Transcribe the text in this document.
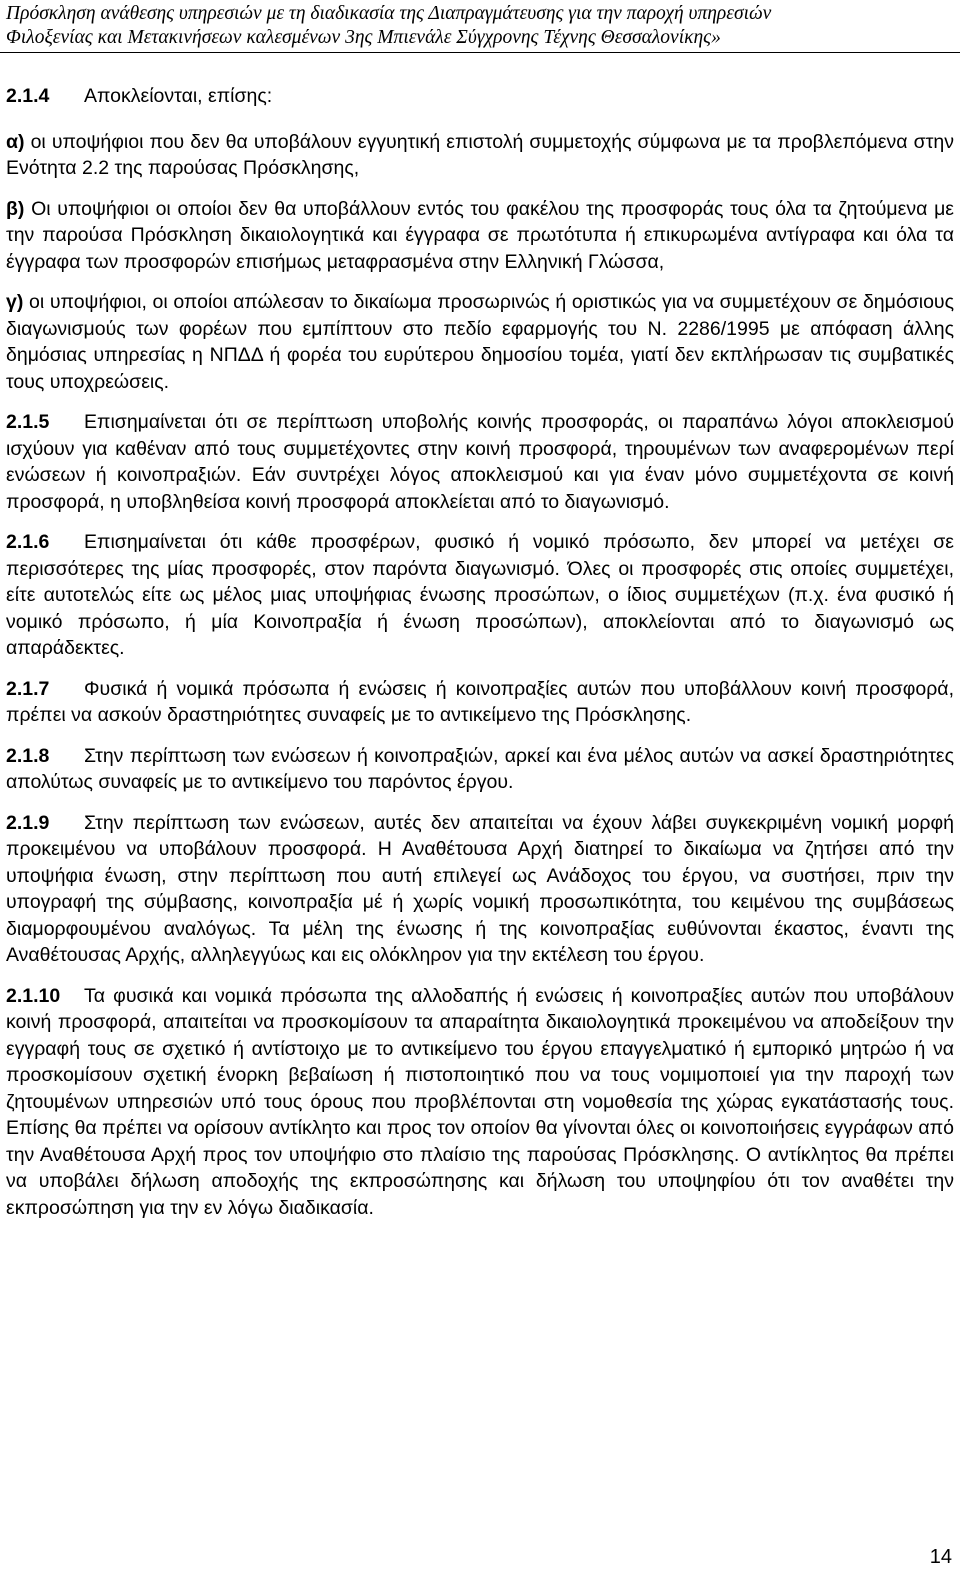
Πρόσκληση ανάθεσης υπηρεσιών με τη διαδικασία της Διαπραγμάτευσης για την παροχή υπηρεσιών
Φιλοξενίας και Μετακινήσεων καλεσμένων 3ης Μπιενάλε Σύγχρονης Τέχνης Θεσσαλονίκης»

2.1.4 Αποκλείονται, επίσης:

α) οι υποψήφιοι που δεν θα υποβάλουν εγγυητική επιστολή συμμετοχής σύμφωνα με τα προβλεπόμενα στην Ενότητα 2.2 της παρούσας Πρόσκλησης,

β) Οι υποψήφιοι οι οποίοι δεν θα υποβάλλουν εντός του φακέλου της προσφοράς τους όλα τα ζητούμενα με την παρούσα Πρόσκληση δικαιολογητικά και έγγραφα σε πρωτότυπα ή επικυρωμένα αντίγραφα και όλα τα έγγραφα των προσφορών επισήμως μεταφρασμένα στην Ελληνική Γλώσσα,

γ) οι υποψήφιοι, οι οποίοι απώλεσαν το δικαίωμα προσωρινώς ή οριστικώς για να συμμετέχουν σε δημόσιους διαγωνισμούς των φορέων που εμπίπτουν στο πεδίο εφαρμογής του Ν. 2286/1995 με απόφαση άλλης δημόσιας υπηρεσίας η ΝΠΔΔ ή φορέα του ευρύτερου δημοσίου τομέα, γιατί δεν εκπλήρωσαν τις συμβατικές τους υποχρεώσεις.

2.1.5 Επισημαίνεται ότι σε περίπτωση υποβολής κοινής προσφοράς, οι παραπάνω λόγοι αποκλεισμού ισχύουν για καθέναν από τους συμμετέχοντες στην κοινή προσφορά, τηρουμένων των αναφερομένων περί ενώσεων ή κοινοπραξιών. Εάν συντρέχει λόγος αποκλεισμού και για έναν μόνο συμμετέχοντα σε κοινή προσφορά, η υποβληθείσα κοινή προσφορά αποκλείεται από το διαγωνισμό.

2.1.6 Επισημαίνεται ότι κάθε προσφέρων, φυσικό ή νομικό πρόσωπο, δεν μπορεί να μετέχει σε περισσότερες της μίας προσφορές, στον παρόντα διαγωνισμό. Όλες οι προσφορές στις οποίες συμμετέχει, είτε αυτοτελώς είτε ως μέλος μιας υποψήφιας ένωσης προσώπων, ο ίδιος συμμετέχων (π.χ. ένα φυσικό ή νομικό πρόσωπο, ή μία Κοινοπραξία ή ένωση προσώπων), αποκλείονται από το διαγωνισμό ως απαράδεκτες.

2.1.7 Φυσικά ή νομικά πρόσωπα ή ενώσεις ή κοινοπραξίες αυτών που υποβάλλουν κοινή προσφορά, πρέπει να ασκούν δραστηριότητες συναφείς με το αντικείμενο της Πρόσκλησης.

2.1.8 Στην περίπτωση των ενώσεων ή κοινοπραξιών, αρκεί και ένα μέλος αυτών να ασκεί δραστηριότητες απολύτως συναφείς με το αντικείμενο του παρόντος έργου.

2.1.9 Στην περίπτωση των ενώσεων, αυτές δεν απαιτείται να έχουν λάβει συγκεκριμένη νομική μορφή προκειμένου να υποβάλουν προσφορά. Η Αναθέτουσα Αρχή διατηρεί το δικαίωμα να ζητήσει από την υποψήφια ένωση, στην περίπτωση που αυτή επιλεγεί ως Ανάδοχος του έργου, να συστήσει, πριν την υπογραφή της σύμβασης, κοινοπραξία μέ ή χωρίς νομική προσωπικότητα, του κειμένου της συμβάσεως διαμορφουμένου αναλόγως. Τα μέλη της ένωσης ή της κοινοπραξίας ευθύνονται έκαστος, έναντι της Αναθέτουσας Αρχής, αλληλεγγύως και εις ολόκληρον για την εκτέλεση του έργου.

2.1.10 Τα φυσικά και νομικά πρόσωπα της αλλοδαπής ή ενώσεις ή κοινοπραξίες αυτών που υποβάλουν κοινή προσφορά, απαιτείται να προσκομίσουν τα απαραίτητα δικαιολογητικά προκειμένου να αποδείξουν την εγγραφή τους σε σχετικό ή αντίστοιχο με το αντικείμενο του έργου επαγγελματικό ή εμπορικό μητρώο ή να προσκομίσουν σχετική ένορκη βεβαίωση ή πιστοποιητικό που να τους νομιμοποιεί για την παροχή των ζητουμένων υπηρεσιών υπό τους όρους που προβλέπονται στη νομοθεσία της χώρας εγκατάστασής τους. Επίσης θα πρέπει να ορίσουν αντίκλητο και προς τον οποίον θα γίνονται όλες οι κοινοποιήσεις εγγράφων από την Αναθέτουσα Αρχή προς τον υποψήφιο στο πλαίσιο της παρούσας Πρόσκλησης. Ο αντίκλητος θα πρέπει να υποβάλει δήλωση αποδοχής της εκπροσώπησης και δήλωση του υποψηφίου ότι τον αναθέτει την εκπροσώπηση για την εν λόγω διαδικασία.

14
